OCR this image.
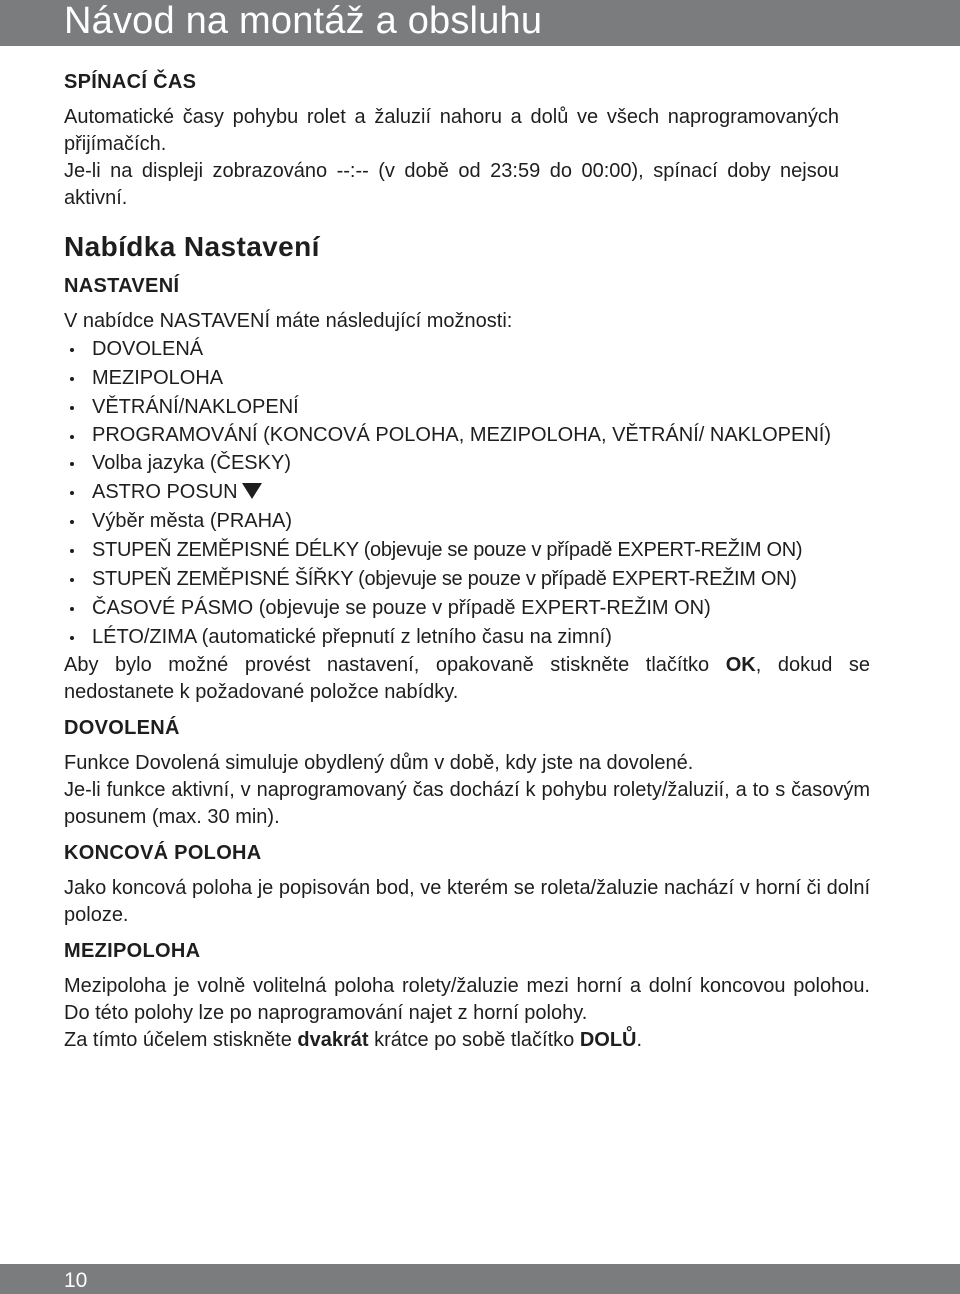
Návod na montáž a obsluhu

SPÍNACÍ ČAS

Automatické časy pohybu rolet a žaluzií nahoru a dolů ve všech naprogramovaných přijímačích.

Je-li na displeji zobrazováno --:-- (v době od 23:59 do 00:00), spínací doby nejsou aktivní.

Nabídka Nastavení

NASTAVENÍ

V nabídce NASTAVENÍ máte následující možnosti:

DOVOLENÁ
MEZIPOLOHA
VĚTRÁNÍ/NAKLOPENÍ
PROGRAMOVÁNÍ (KONCOVÁ POLOHA, MEZIPOLOHA, VĚTRÁNÍ/ NAKLOPENÍ)
Volba jazyka (ČESKY)
ASTRO POSUN
Výběr města (PRAHA)
STUPEŇ ZEMĚPISNÉ DÉLKY (objevuje se pouze v případě EXPERT-REŽIM ON)
STUPEŇ ZEMĚPISNÉ ŠÍŘKY (objevuje se pouze v případě EXPERT-REŽIM ON)
ČASOVÉ PÁSMO (objevuje se pouze v případě EXPERT-REŽIM ON)
LÉTO/ZIMA (automatické přepnutí z letního času na zimní)

Aby bylo možné provést nastavení, opakovaně stiskněte tlačítko OK, dokud se nedostanete k požadované položce nabídky.

DOVOLENÁ

Funkce Dovolená simuluje obydlený dům v době, kdy jste na dovolené.

Je-li funkce aktivní, v naprogramovaný čas dochází k pohybu rolety/žaluzií, a to s časovým posunem (max. 30 min).

KONCOVÁ POLOHA

Jako koncová poloha je popisován bod, ve kterém se roleta/žaluzie nachází v horní či dolní poloze.

MEZIPOLOHA

Mezipoloha je volně volitelná poloha rolety/žaluzie mezi horní a dolní koncovou polohou. Do této polohy lze po naprogramování najet z horní polohy.

Za tímto účelem stiskněte dvakrát krátce po sobě tlačítko DOLŮ.

10
